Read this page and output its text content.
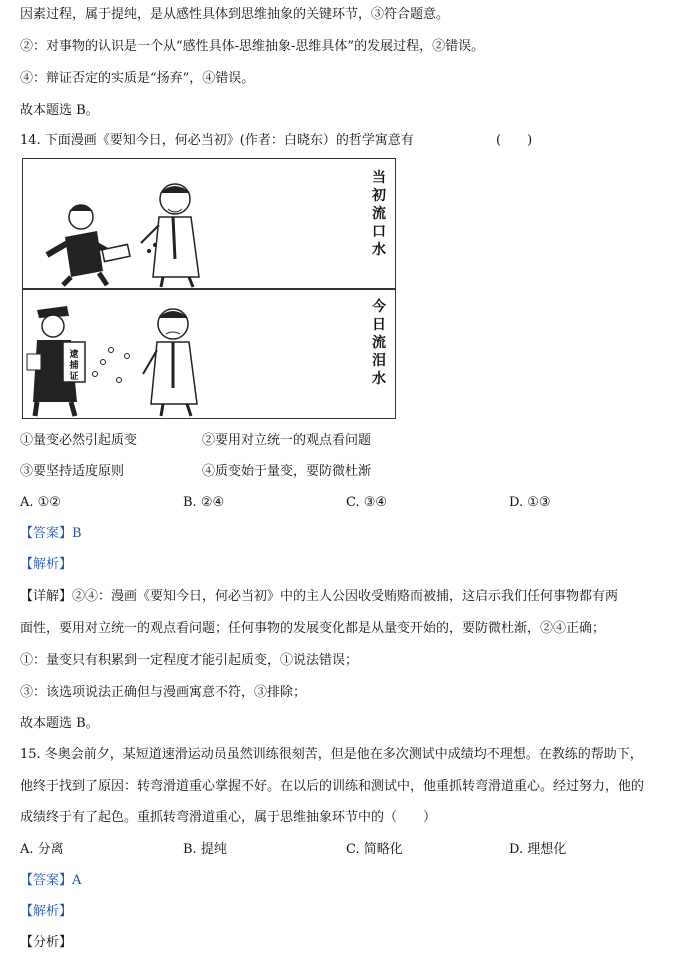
因素过程，属于提纯，是从感性具体到思维抽象的关键环节，③符合题意。
②：对事物的认识是一个从“感性具体-思维抽象-思维具体”的发展过程，②错误。
④：辩证否定的实质是“扬弃”，④错误。
故本题选 B。
14. 下面漫画《要知今日，何必当初》(作者：白晓东）的哲学寓意有	(　　)
当
初
流
口
水
逮
捕
证
今
日
流
泪
水
①量变必然引起质变	②要用对立统一的观点看问题
③要坚持适度原则	④质变始于量变，要防微杜渐
A. ①②	B. ②④	C. ③④	D. ①③
【答案】B
【解析】
【详解】②④：漫画《要知今日，何必当初》中的主人公因收受贿赂而被捕，这启示我们任何事物都有两
面性，要用对立统一的观点看问题；任何事物的发展变化都是从量变开始的，要防微杜渐，②④正确；
①：量变只有积累到一定程度才能引起质变，①说法错误；
③：该选项说法正确但与漫画寓意不符，③排除；
故本题选 B。
15. 冬奥会前夕，某短道速滑运动员虽然训练很刻苦，但是他在多次测试中成绩均不理想。在教练的帮助下，
他终于找到了原因：转弯滑道重心掌握不好。在以后的训练和测试中，他重抓转弯滑道重心。经过努力，他的
成绩终于有了起色。重抓转弯滑道重心，属于思维抽象环节中的（　　）
A. 分离	B. 提纯	C. 简略化	D. 理想化
【答案】A
【解析】
【分析】
